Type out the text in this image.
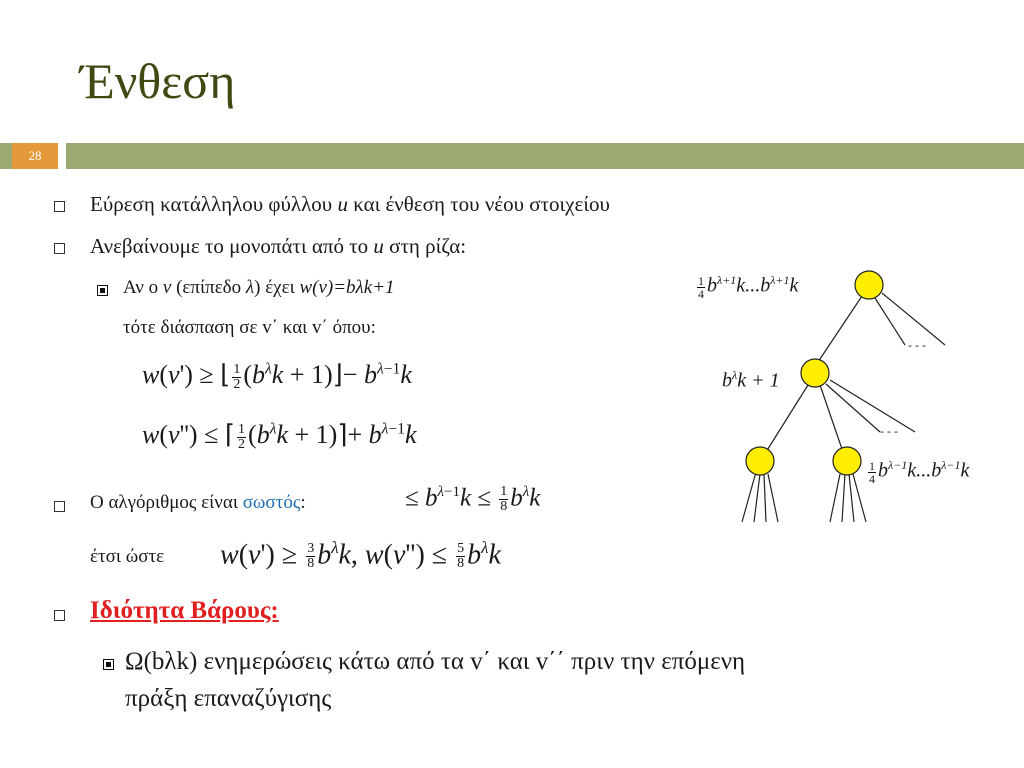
Ένθεση
28
Εύρεση κατάλληλου φύλλου u και ένθεση του νέου στοιχείου
Ανεβαίνουμε το μονοπάτι από το u στη ρίζα:
Αν ο v (επίπεδο λ) έχει w(v)=bλk+1
τότε διάσπαση σε v΄ και v΄ όπου:
w(v') ≥ ⌊ $\frac{1}{2} (b^\lambda k$ + 1)⌋− $b^{\lambda-1}k$
w(v'') ≤ ⌈ $\frac{1}{2} (b^\lambda k$ + 1)⌉+ $b^{\lambda-1}k$
Ο αλγόριθμος είναι σωστός:	≤ $b^{\lambda-1}k \le \frac{1}{8} b^\lambda k$
έτσι ώστε $w(v') \ge \frac{3}{8} b^\lambda k$, $w(v'') \le \frac{5}{8} b^\lambda k$
Ιδιότητα Βάρους:
Ω(bλk) ενημερώσεις κάτω από τα v΄ και v΄΄ πριν την επόμενη
πράξη επαναζύγισης
- - -
- - -
$\frac{1}{4} b^{\lambda+1}k...b^{\lambda+1}k$
$b^\lambda k + 1$
$\frac{1}{4} b^{\lambda-1}k...b^{\lambda-1}k$
